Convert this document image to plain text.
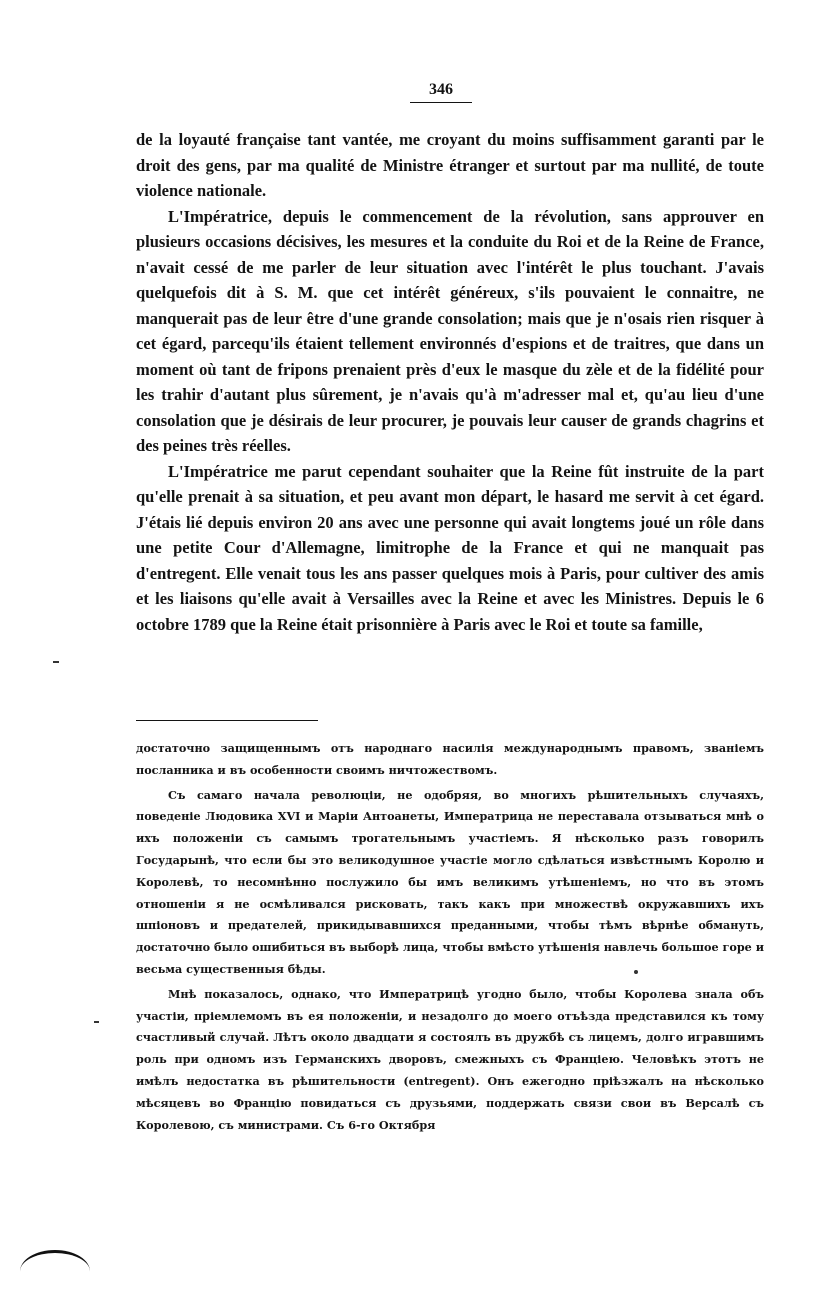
346

de la loyauté française tant vantée, me croyant du moins suffisamment garanti par le droit des gens, par ma qualité de Ministre étranger et surtout par ma nullité, de toute violence nationale.

L'Impératrice, depuis le commencement de la révolution, sans approuver en plusieurs occasions décisives, les mesures et la conduite du Roi et de la Reine de France, n'avait cessé de me parler de leur situation avec l'intérêt le plus touchant. J'avais quelquefois dit à S. M. que cet intérêt généreux, s'ils pouvaient le connaitre, ne manquerait pas de leur être d'une grande consolation; mais que je n'osais rien risquer à cet égard, parcequ'ils étaient tellement environnés d'espions et de traitres, que dans un moment où tant de fripons prenaient près d'eux le masque du zèle et de la fidélité pour les trahir d'autant plus sûrement, je n'avais qu'à m'adresser mal et, qu'au lieu d'une consolation que je désirais de leur procurer, je pouvais leur causer de grands chagrins et des peines très réelles.

L'Impératrice me parut cependant souhaiter que la Reine fût instruite de la part qu'elle prenait à sa situation, et peu avant mon départ, le hasard me servit à cet égard. J'étais lié depuis environ 20 ans avec une personne qui avait longtems joué un rôle dans une petite Cour d'Allemagne, limitrophe de la France et qui ne manquait pas d'entregent. Elle venait tous les ans passer quelques mois à Paris, pour cultiver des amis et les liaisons qu'elle avait à Versailles avec la Reine et avec les Ministres. Depuis le 6 octobre 1789 que la Reine était prisonnière à Paris avec le Roi et toute sa famille,

достаточно защищеннымъ отъ народнаго насилія международнымъ правомъ, званіемъ посланника и въ особенности своимъ ничтожествомъ.

Съ самаго начала революціи, не одобряя, во многихъ рѣшительныхъ случаяхъ, поведеніе Людовика XVI и Маріи Антоанеты, Императрица не переставала отзываться мнѣ о ихъ положеніи съ самымъ трогательнымъ участіемъ. Я нѣсколько разъ говорилъ Государынѣ, что если бы это великодушное участіе могло сдѣлаться извѣстнымъ Королю и Королевѣ, то несомнѣнно послужило бы имъ великимъ утѣшеніемъ, но что въ этомъ отношеніи я не осмѣливался рисковать, такъ какъ при множествѣ окружавшихъ ихъ шпіоновъ и предателей, прикидывавшихся преданными, чтобы тѣмъ вѣрнѣе обмануть, достаточно было ошибиться въ выборѣ лица, чтобы вмѣсто утѣшенія навлечь большое горе и весьма существенныя бѣды.

Мнѣ показалось, однако, что Императрицѣ угодно было, чтобы Королева знала объ участіи, пріемлемомъ въ ея положеніи, и незадолго до моего отъѣзда представился къ тому счастливый случай. Лѣтъ около двадцати я состоялъ въ дружбѣ съ лицемъ, долго игравшимъ роль при одномъ изъ Германскихъ дворовъ, смежныхъ съ Франціею. Человѣкъ этотъ не имѣлъ недостатка въ рѣшительности (entregent). Онъ ежегодно пріѣзжалъ на нѣсколько мѣсяцевъ во Францію повидаться съ друзьями, поддержать связи свои въ Версалѣ съ Королевою, съ министрами. Съ 6-го Октября
